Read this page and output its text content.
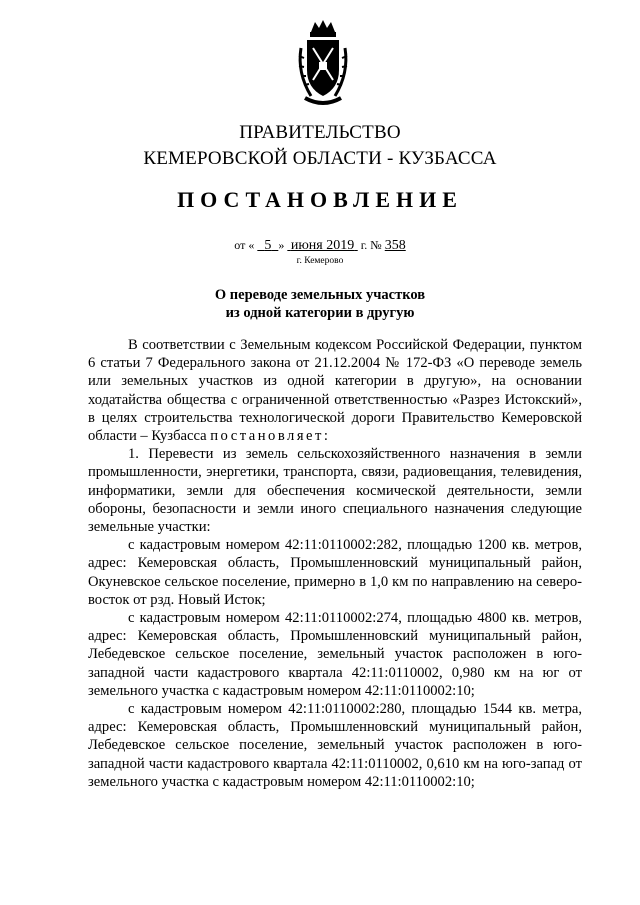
ПРАВИТЕЛЬСТВО
КЕМЕРОВСКОЙ ОБЛАСТИ - КУЗБАССА
ПОСТАНОВЛЕНИЕ
от « 5 » июня 2019 г. № 358
г. Кемерово
О переводе земельных участков
из одной категории в другую

В соответствии с Земельным кодексом Российской Федерации, пунктом 6 статьи 7 Федерального закона от 21.12.2004 № 172-ФЗ «О переводе земель или земельных участков из одной категории в другую», на основании ходатайства общества с ограниченной ответственностью «Разрез Истокский», в целях строительства технологической дороги Правительство Кемеровской области – Кузбасса постановляет:

1. Перевести из земель сельскохозяйственного назначения в земли промышленности, энергетики, транспорта, связи, радиовещания, телевидения, информатики, земли для обеспечения космической деятельности, земли обороны, безопасности и земли иного специального назначения следующие земельные участки:

с кадастровым номером 42:11:0110002:282, площадью 1200 кв. метров, адрес: Кемеровская область, Промышленновский муниципальный район, Окуневское сельское поселение, примерно в 1,0 км по направлению на северо-восток от рзд. Новый Исток;

с кадастровым номером 42:11:0110002:274, площадью 4800 кв. метров, адрес: Кемеровская область, Промышленновский муниципальный район, Лебедевское сельское поселение, земельный участок расположен в юго-западной части кадастрового квартала 42:11:0110002, 0,980 км на юг от земельного участка с кадастровым номером 42:11:0110002:10;

с кадастровым номером 42:11:0110002:280, площадью 1544 кв. метра, адрес: Кемеровская область, Промышленновский муниципальный район, Лебедевское сельское поселение, земельный участок расположен в юго-западной части кадастрового квартала 42:11:0110002, 0,610 км на юго-запад от земельного участка с кадастровым номером 42:11:0110002:10;
